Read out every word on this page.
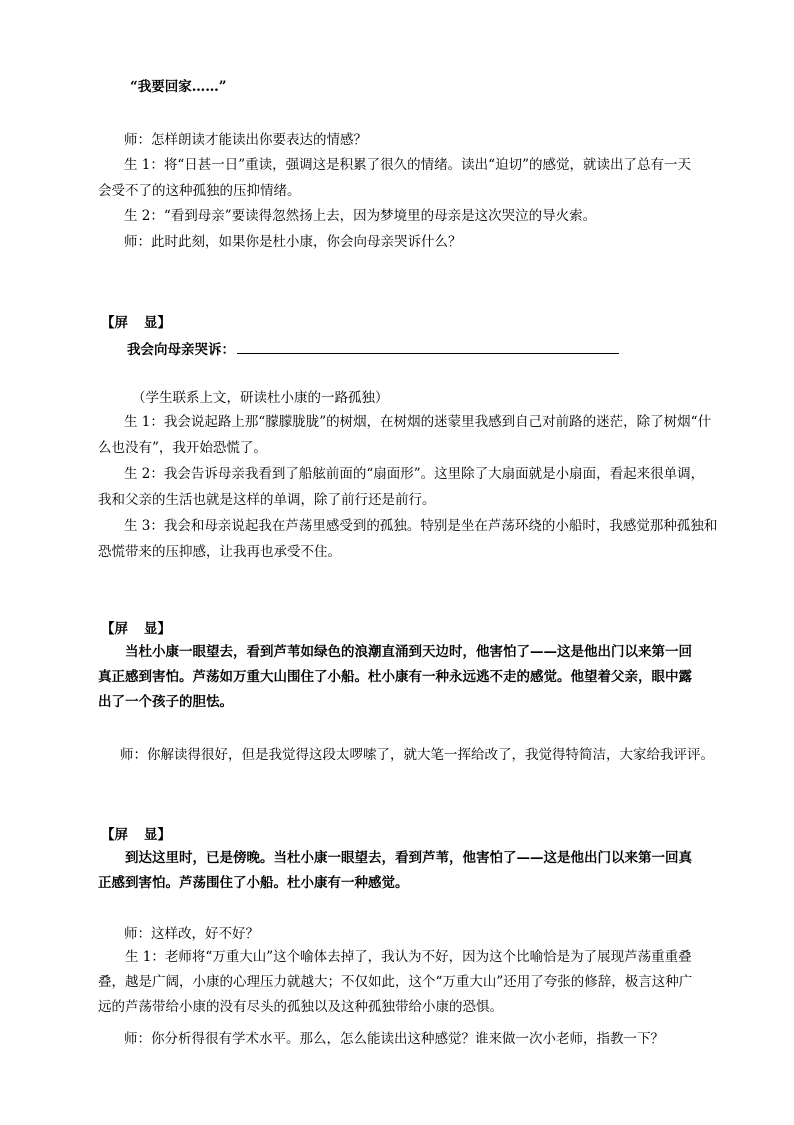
“我要回家……”
师：怎样朗读才能读出你要表达的情感？
生 1：将“日甚一日”重读，强调这是积累了很久的情绪。读出“迫切”的感觉，就读出了总有一天
会受不了的这种孤独的压抑情绪。
生 2：“看到母亲”要读得忽然扬上去，因为梦境里的母亲是这次哭泣的导火索。
师：此时此刻，如果你是杜小康，你会向母亲哭诉什么？
【屏 显】
我会向母亲哭诉：
（学生联系上文，研读杜小康的一路孤独）
生 1：我会说起路上那“朦朦胧胧”的树烟，在树烟的迷蒙里我感到自己对前路的迷茫，除了树烟“什
么也没有”，我开始恐慌了。
生 2：我会告诉母亲我看到了船舷前面的“扇面形”。这里除了大扇面就是小扇面，看起来很单调，
我和父亲的生活也就是这样的单调，除了前行还是前行。
生 3：我会和母亲说起我在芦荡里感受到的孤独。特别是坐在芦荡环绕的小船时，我感觉那种孤独和
恐慌带来的压抑感，让我再也承受不住。
【屏 显】
当杜小康一眼望去，看到芦苇如绿色的浪潮直涌到天边时，他害怕了——这是他出门以来第一回真正感到害怕。芦荡如万重大山围住了小船。杜小康有一种永远逃不走的感觉。他望着父亲，眼中露出了一个孩子的胆怯。
师：你解读得很好，但是我觉得这段太啰嗦了，就大笔一挥给改了，我觉得特简洁，大家给我评评。
【屏 显】
到达这里时，已是傍晚。当杜小康一眼望去，看到芦苇，他害怕了——这是他出门以来第一回真正感到害怕。芦荡围住了小船。杜小康有一种感觉。
师：这样改，好不好？
生 1：老师将“万重大山”这个喻体去掉了，我认为不好，因为这个比喻恰是为了展现芦荡重重叠叠，越是广阔，小康的心理压力就越大；不仅如此，这个“万重大山”还用了夸张的修辞，极言这种广远的芦荡带给小康的没有尽头的孤独以及这种孤独带给小康的恐惧。
师：你分析得很有学术水平。那么，怎么能读出这种感觉？谁来做一次小老师，指教一下？
